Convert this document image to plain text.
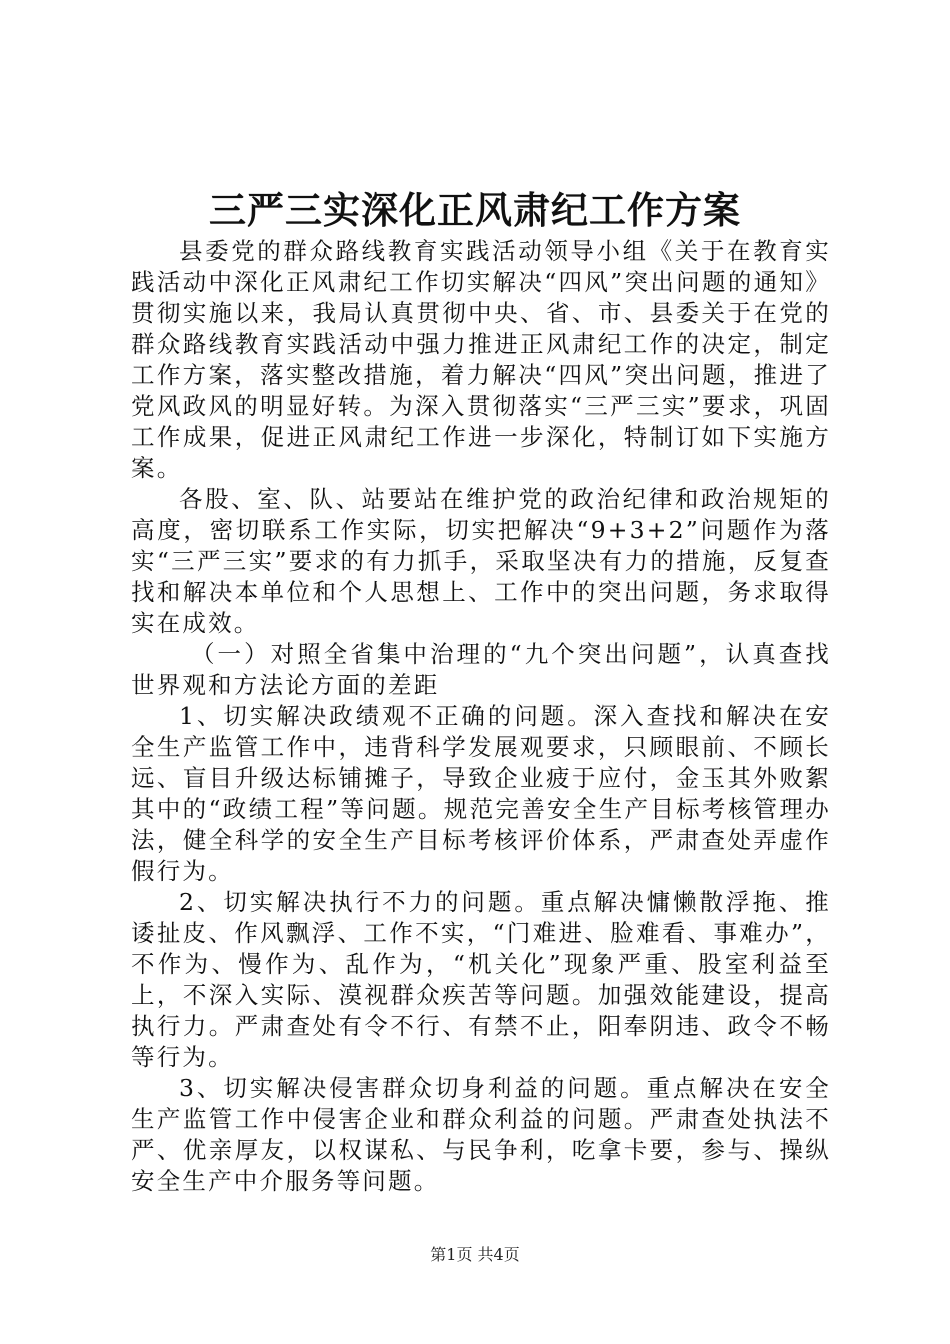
三严三实深化正风肃纪工作方案

县委党的群众路线教育实践活动领导小组《关于在教育实践活动中深化正风肃纪工作切实解决“四风”突出问题的通知》贯彻实施以来，我局认真贯彻中央、省、市、县委关于在党的群众路线教育实践活动中强力推进正风肃纪工作的决定，制定工作方案，落实整改措施，着力解决“四风”突出问题，推进了党风政风的明显好转。为深入贯彻落实“三严三实”要求，巩固工作成果，促进正风肃纪工作进一步深化，特制订如下实施方案。

各股、室、队、站要站在维护党的政治纪律和政治规矩的高度，密切联系工作实际，切实把解决“9+3+2”问题作为落实“三严三实”要求的有力抓手，采取坚决有力的措施，反复查找和解决本单位和个人思想上、工作中的突出问题，务求取得实在成效。

（一）对照全省集中治理的“九个突出问题”，认真查找世界观和方法论方面的差距

1、切实解决政绩观不正确的问题。深入查找和解决在安全生产监管工作中，违背科学发展观要求，只顾眼前、不顾长远、盲目升级达标铺摊子，导致企业疲于应付，金玉其外败絮其中的“政绩工程”等问题。规范完善安全生产目标考核管理办法，健全科学的安全生产目标考核评价体系，严肃查处弄虚作假行为。

2、切实解决执行不力的问题。重点解决慵懒散浮拖、推诿扯皮、作风飘浮、工作不实，“门难进、脸难看、事难办”，不作为、慢作为、乱作为，“机关化”现象严重、股室利益至上，不深入实际、漠视群众疾苦等问题。加强效能建设，提高执行力。严肃查处有令不行、有禁不止，阳奉阴违、政令不畅等行为。

3、切实解决侵害群众切身利益的问题。重点解决在安全生产监管工作中侵害企业和群众利益的问题。严肃查处执法不严、优亲厚友，以权谋私、与民争利，吃拿卡要，参与、操纵安全生产中介服务等问题。

第1页 共4页
